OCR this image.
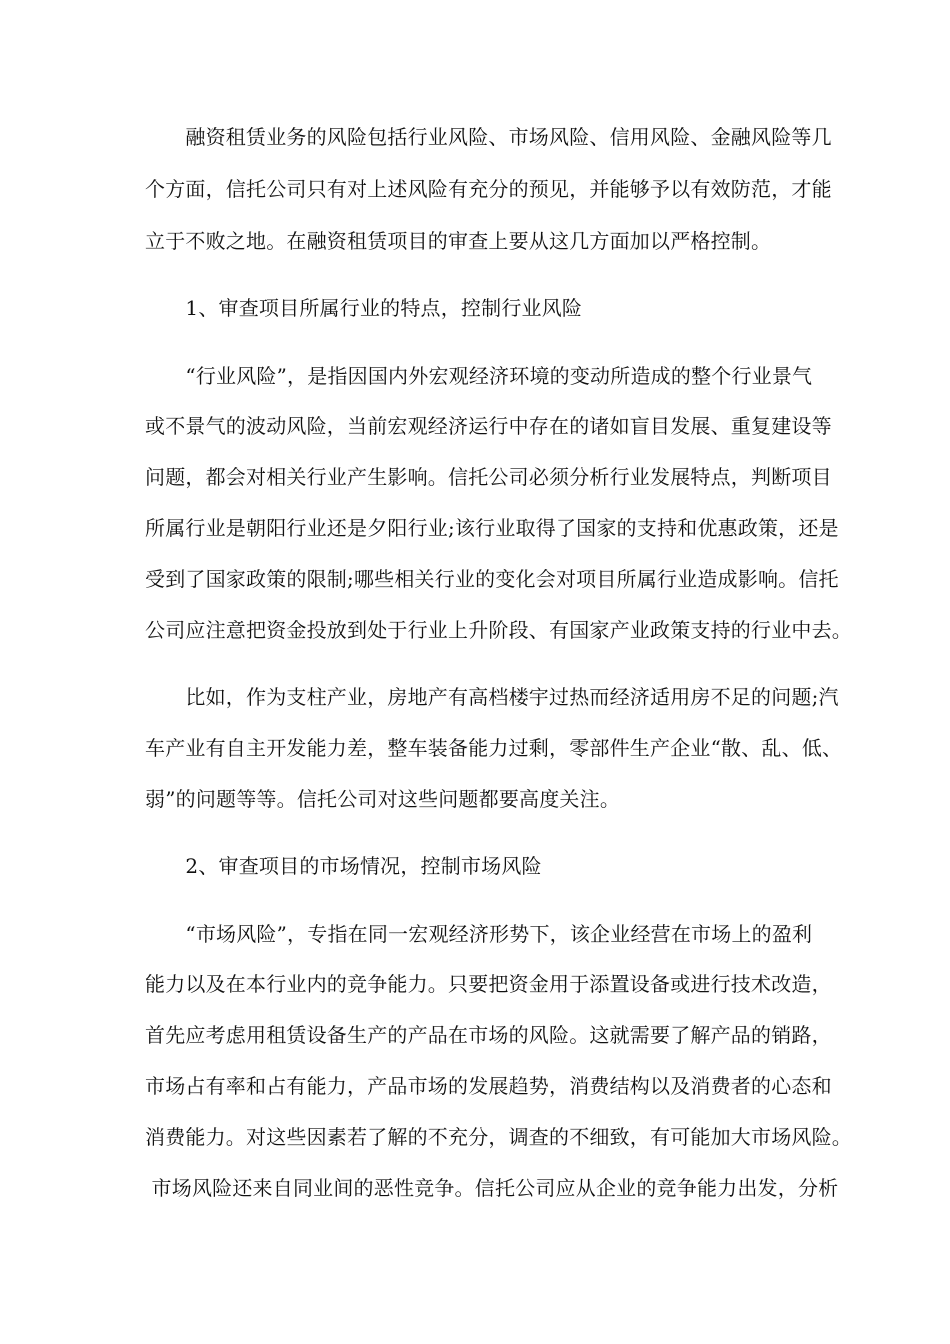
　　融资租赁业务的风险包括行业风险、市场风险、信用风险、金融风险等几
个方面，信托公司只有对上述风险有充分的预见，并能够予以有效防范，才能
立于不败之地。在融资租赁项目的审查上要从这几方面加以严格控制。
　　1、审查项目所属行业的特点，控制行业风险
　　“行业风险”，是指因国内外宏观经济环境的变动所造成的整个行业景气
或不景气的波动风险，当前宏观经济运行中存在的诸如盲目发展、重复建设等
问题，都会对相关行业产生影响。信托公司必须分析行业发展特点，判断项目
所属行业是朝阳行业还是夕阳行业;该行业取得了国家的支持和优惠政策，还是
受到了国家政策的限制;哪些相关行业的变化会对项目所属行业造成影响。信托
公司应注意把资金投放到处于行业上升阶段、有国家产业政策支持的行业中去。
　　比如，作为支柱产业，房地产有高档楼宇过热而经济适用房不足的问题;汽
车产业有自主开发能力差，整车装备能力过剩，零部件生产企业“散、乱、低、
弱”的问题等等。信托公司对这些问题都要高度关注。
　　2、审查项目的市场情况，控制市场风险
　　“市场风险”，专指在同一宏观经济形势下，该企业经营在市场上的盈利
能力以及在本行业内的竞争能力。只要把资金用于添置设备或进行技术改造，
首先应考虑用租赁设备生产的产品在市场的风险。这就需要了解产品的销路，
市场占有率和占有能力，产品市场的发展趋势，消费结构以及消费者的心态和
消费能力。对这些因素若了解的不充分，调查的不细致，有可能加大市场风险。
市场风险还来自同业间的恶性竞争。信托公司应从企业的竞争能力出发，分析
